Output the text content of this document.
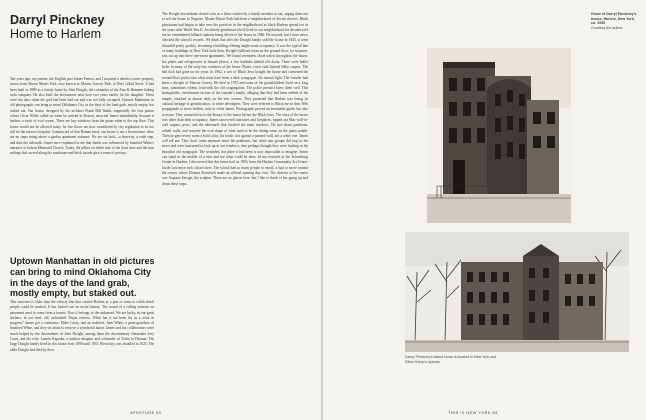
Darryl Pinckney
Home to Harlem

Ten years ago, my partner, the English poet James Fenton, and I acquired a derelict corner property across from Mount Morris Park, now known as Marcus Garvey Park, at West 122nd Street. It had been built in 1890 as a family home by John Dwight, the cofounder of the Arm & Hammer baking soda company. He also built the brownstone next door two years earlier for his daughter. These were the days when the grid had been laid out and was not fully occupied. Uptown Manhattan in old photographs can bring to mind Oklahoma City in the days of the land grab, mostly empty, but staked out. Our house, designed by the architect Frank Hill Smith, supposedly the first patron whom Oscar Wilde called on when he arrived in Boston, attracted James immediately, because it harbors a stack of oval rooms. There are bay windows from the piano salon to the top floor. This house would not be allowed today. Its five floors are now considered by city regulation to be too tall for the narrow footprint. Constructed of thin Roman brick, our house is not a brownstone; there are no steps rising above a garden apartment entrance. We are set back—a doorway, a wide step, and then the sidewalk. James once explained to me that Smith was influenced by Stanford White's entrance at Judson Memorial Church. Today, the pillars on either side of the front door and the iron railings that curved along the sandstone-and-brick facade give a sense of privacy.

Uptown Manhattan in old pictures can bring to mind Oklahoma City in the days of the land grab, mostly empty, but staked out.

This structure is older than the subway line that created Harlem as a part of town to which black people could be pushed. It has looked out on social history. The sound of a rolling suitcase on pavement used to come from a tourist. Now it belongs to the unhoused. We are lucky, in our great shelters, in our tired, old, unfinished Trojan fortress. When has it not been for us a work in progress? James got a contractor, Miles Casey, and an architect, Sam White, a great-grandson of Stanford White, and they set about to retrieve a wonderful house. James and his collaborators were much helped by the descendants of John Dwight, among them the documentary filmmaker Ivey Casey and his wife, Lauren Kapadia, a fashion designer and cofounder of Todos in Havana. The large Dwight family lived in this house from 1890 until 1935. Electricity was installed in 1925. The elder Dwight had died by then.

The Dwight descendants shared with us a letter written by a family member to say, urging them not to sell the house to Negroes. Mount Morris Park had been a neighborhood of Jewish doctors. Black physicians had begun to take over the practices in the neighborhood as black Harlem spread out in the years after World War II. An elderly gentleman who'd lived in our neighborhood for decades told me he remembered billiard students being driven to the house in 1946. He insisted, but I have never checked the school's records. We think that after the Dwight family sold the house in 1945, it went downhill pretty quickly, becoming a building offering single-room occupancy. It was the typical fate of many buildings in New York back then. Dwight's billiard room on the ground floor, for instance, was cut up into three one-room apartments. We found seventeen closet toilets throughout the house, hot plates and refrigerators in bizarre places, a few bathtubs behind old doors. There were bullet holes in many of the sixty-two windows of the house. Plastic crack vials littered filthy carpets. The bad luck had gone on for years. In 1962, a sect of Black Jews bought the house and converted the second-floor parlor into what must have been a dark synagogue. No natural light. The founder had been a disciple of Marcus Garvey. He died in 1973 and some of his grandchildren lived on a long time, sometimes violent, feud with the old congregation. The police precinct knew them well. This homophobic, extortionate faction of the founder's family, alleging that they had been robbed of the temple, attacked us almost daily on the new owners. They protested that Harlem was losing its cultural heritage to gentrification, to white developers. They were referred to Black me in their Web propaganda or street leaflets, only to white James. Photographs proved an invaluable guide, but also a rescue. They connected us to the history of the house before the Black Jews. The story of the house was older than their occupancy. James uncovered staircases and fireplaces, ripped out Mao wall-to-wall carpets, pews, and the tabernacle that blocked the main windows. He tore down partitions, rebuilt walls, and restored the oval shape of what used to be the dining room on the piano nobile. Then he gave every room a bold color, his books fort against a painted wall, not a white one. James will tell me. They don't come anymore since the pandemic, but when tour groups did stop in the street and were instructed to look up at our windows, they perhaps thought they were looking at the beautiful old synagogue. The wounded, but place it had been is now impossible to imagine. James can stand in the middle of a ruin and see what could be done. In my research at the Schomburg Center in Harlem, I discovered that this house had, in 1955, been the Harlem Community Art Center. Jacob Lawrence took classes here. The school had so many people to enroll, it had to move around the corner, where Eleanor Roosevelt made an official opening day visit. The director of the center was Augusta Savage, the sculptor. There are no ghosts here, but I like to think of her going up and down these steps.

APERTURE 69
Home of Darryl Pinckney's house, Harlem, New York, ca. 1935
Courtesy the author
Darryl Pinckney's island home is located in New York and Dillon Kemp's Uptown
THIS IS NEW YORK 69
